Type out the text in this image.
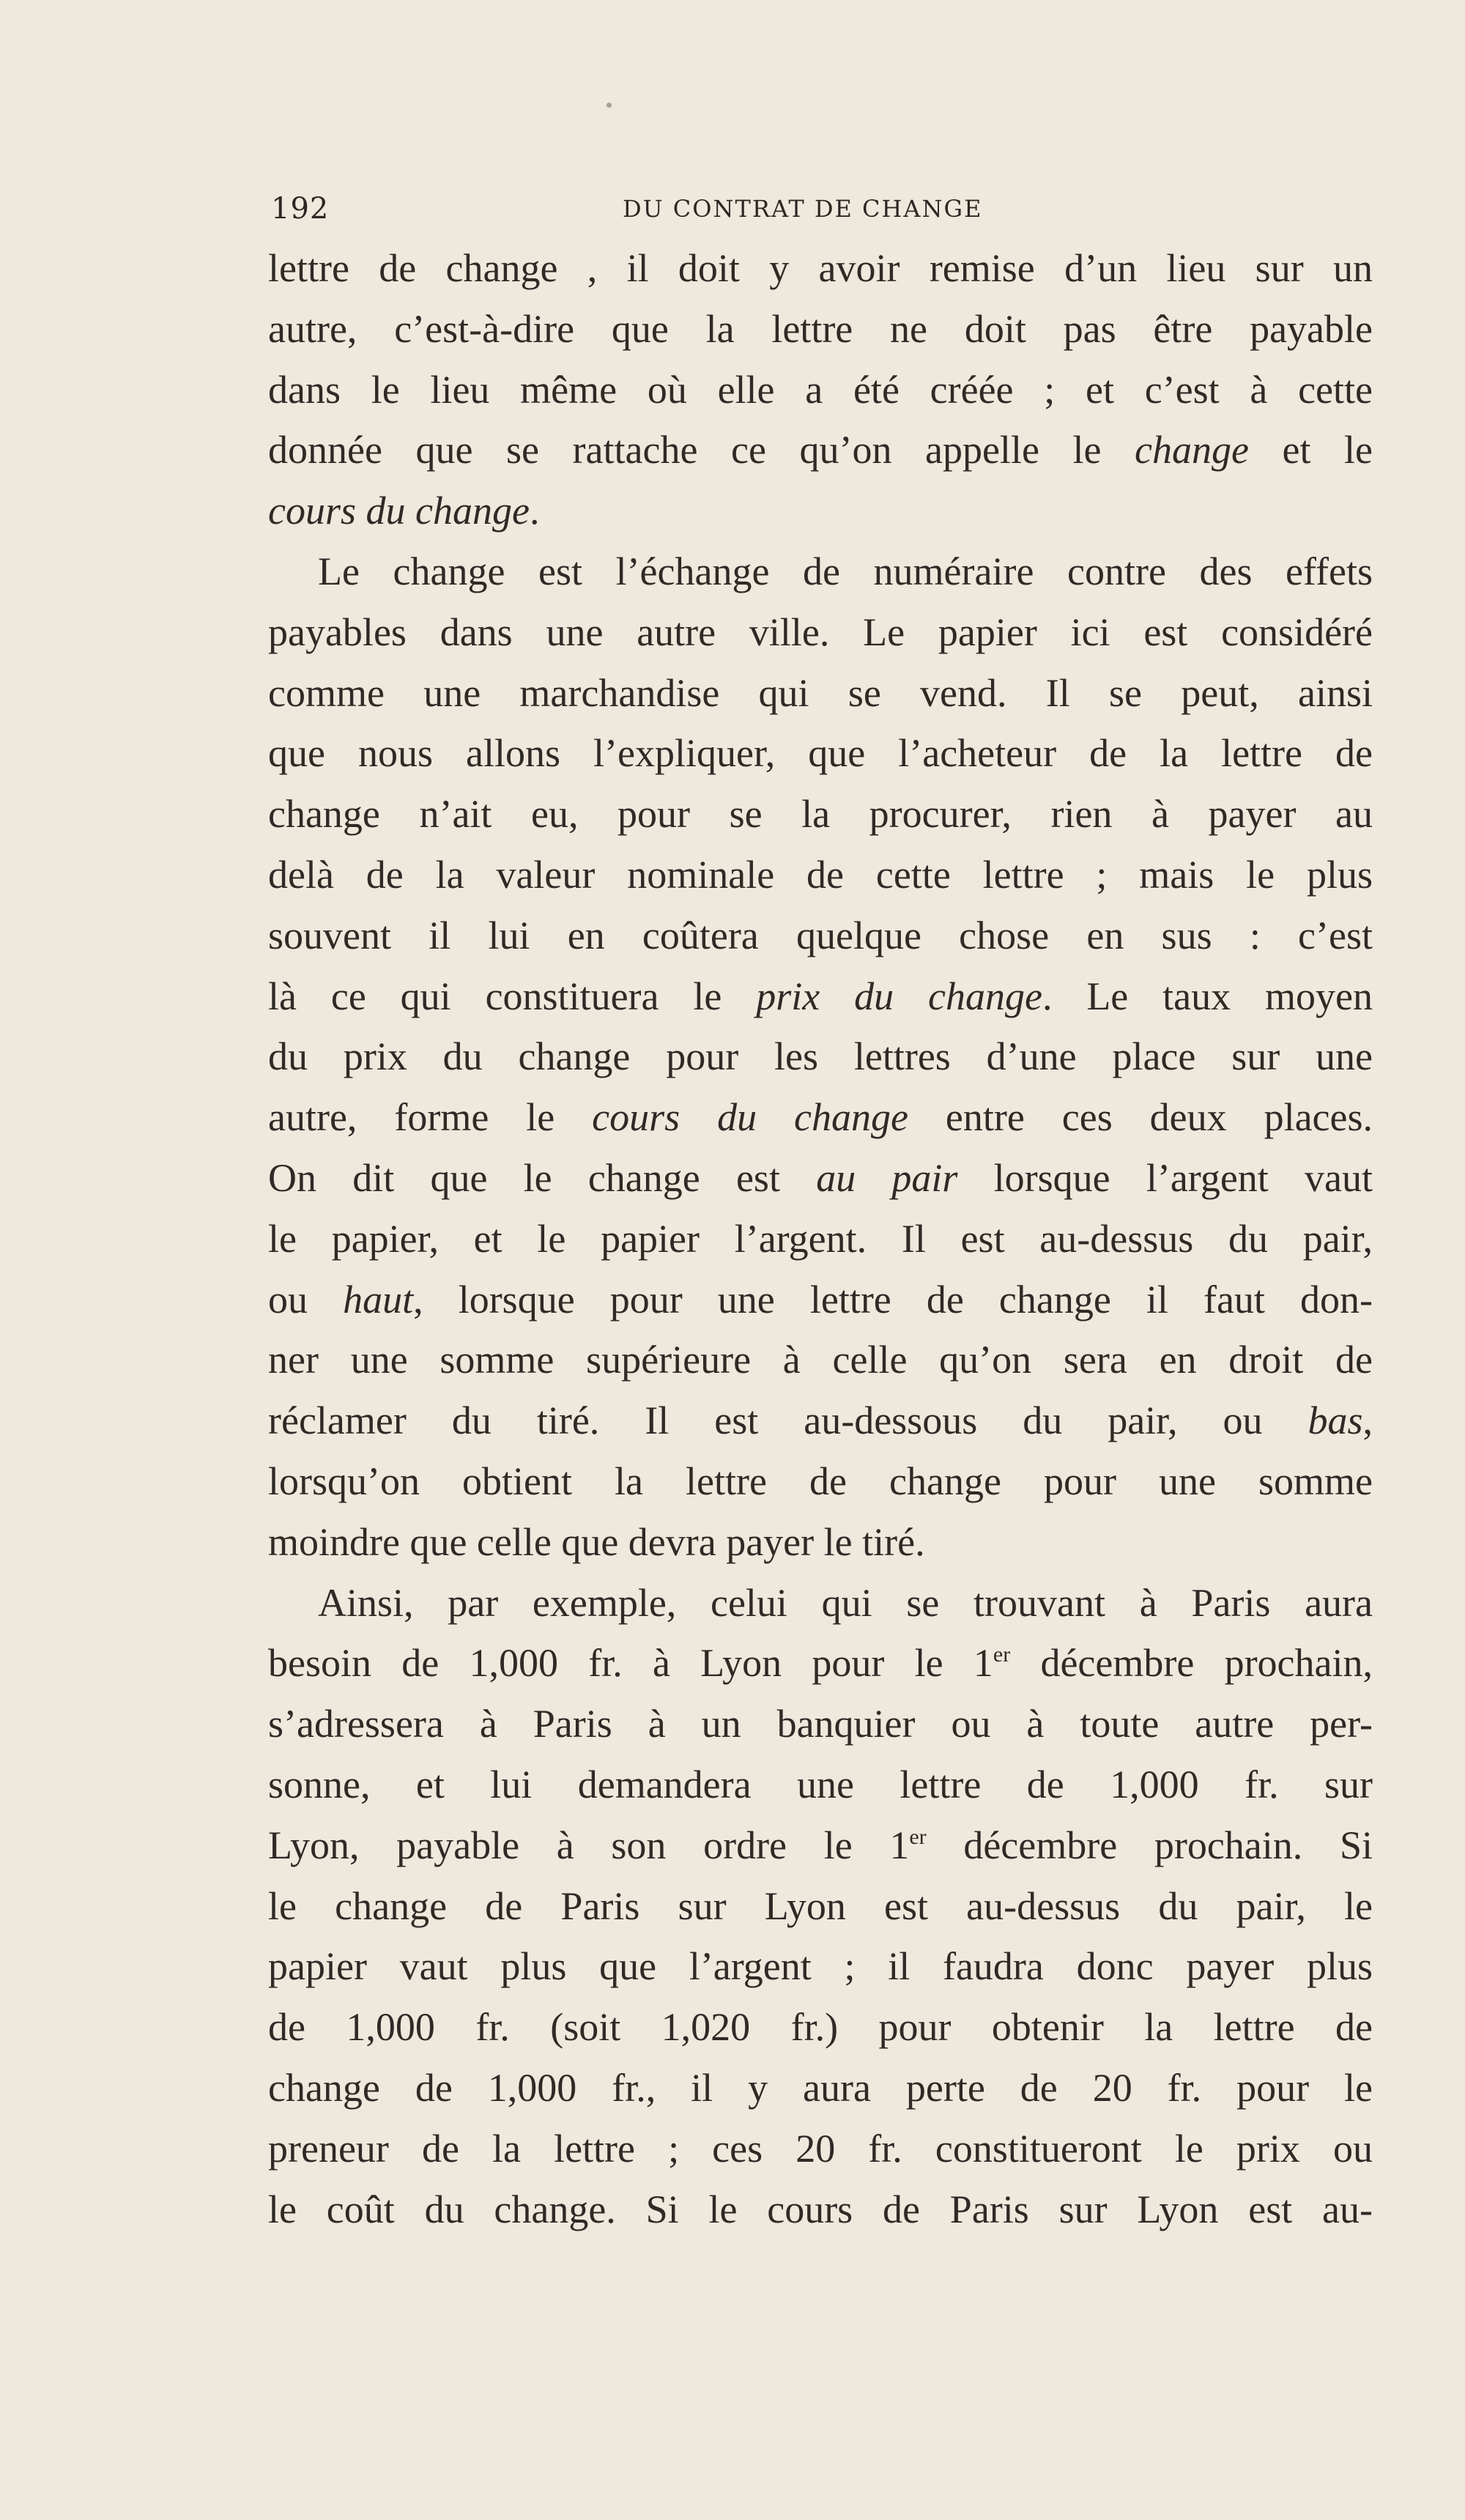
192	DU CONTRAT DE CHANGE
lettre de change , il doit y avoir remise d’un lieu sur un
autre, c’est-à-dire que la lettre ne doit pas être payable
dans le lieu même où elle a été créée ; et c’est à cette
donnée que se rattache ce qu’on appelle le change et le
cours du change.
Le change est l’échange de numéraire contre des effets
payables dans une autre ville. Le papier ici est considéré
comme une marchandise qui se vend. Il se peut, ainsi
que nous allons l’expliquer, que l’acheteur de la lettre de
change n’ait eu, pour se la procurer, rien à payer au
delà de la valeur nominale de cette lettre ; mais le plus
souvent il lui en coûtera quelque chose en sus : c’est
là ce qui constituera le prix du change. Le taux moyen
du prix du change pour les lettres d’une place sur une
autre, forme le cours du change entre ces deux places.
On dit que le change est au pair lorsque l’argent vaut
le papier, et le papier l’argent. Il est au-dessus du pair,
ou haut, lorsque pour une lettre de change il faut don-
ner une somme supérieure à celle qu’on sera en droit de
réclamer du tiré. Il est au-dessous du pair, ou bas,
lorsqu’on obtient la lettre de change pour une somme
moindre que celle que devra payer le tiré.
Ainsi, par exemple, celui qui se trouvant à Paris aura
besoin de 1,000 fr. à Lyon pour le 1er décembre prochain,
s’adressera à Paris à un banquier ou à toute autre per-
sonne, et lui demandera une lettre de 1,000 fr. sur
Lyon, payable à son ordre le 1er décembre prochain. Si
le change de Paris sur Lyon est au-dessus du pair, le
papier vaut plus que l’argent ; il faudra donc payer plus
de 1,000 fr. (soit 1,020 fr.) pour obtenir la lettre de
change de 1,000 fr., il y aura perte de 20 fr. pour le
preneur de la lettre ; ces 20 fr. constitueront le prix ou
le coût du change. Si le cours de Paris sur Lyon est au-
